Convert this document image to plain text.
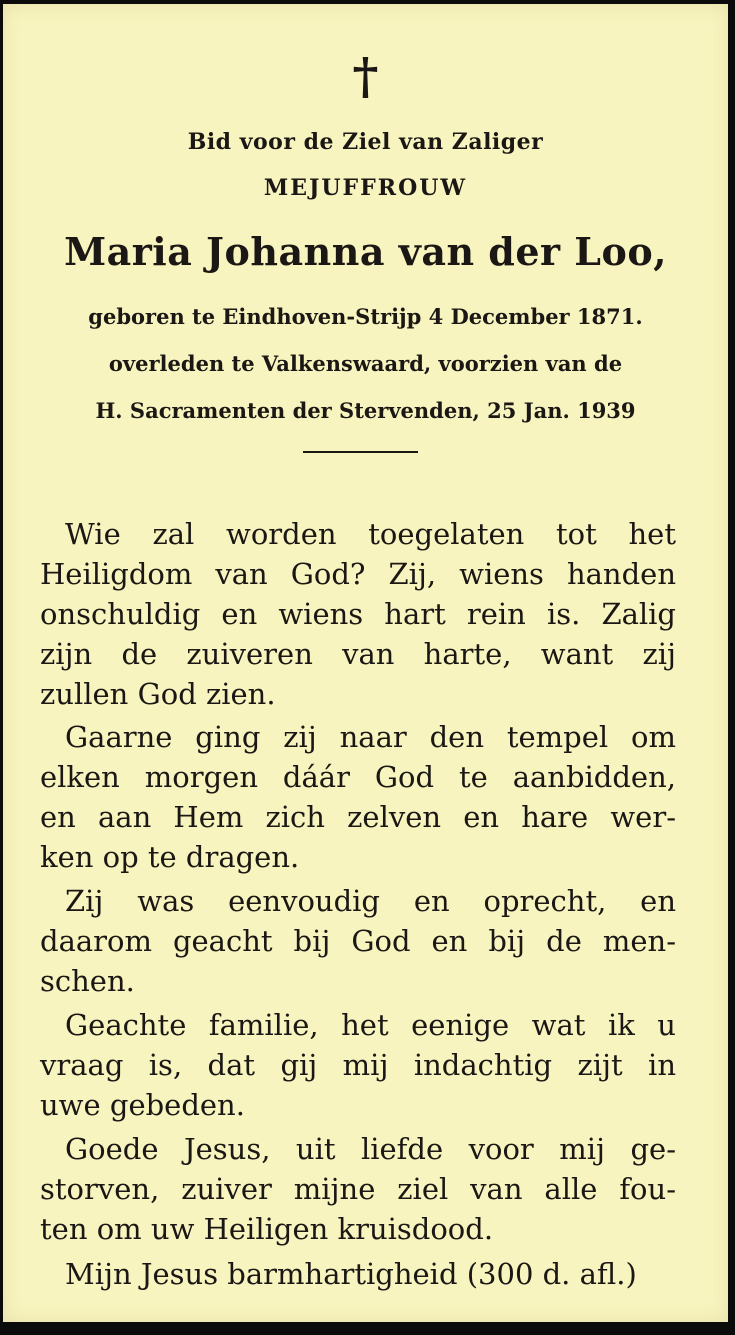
†
Bid voor de Ziel van Zaliger
MEJUFFROUW
Maria Johanna van der Loo,
geboren te Eindhoven-Strijp 4 December 1871.
overleden te Valkenswaard, voorzien van de
H. Sacramenten der Stervenden, 25 Jan. 1939
Wie zal worden toegelaten tot het
Heiligdom van God? Zij, wiens handen
onschuldig en wiens hart rein is. Zalig
zijn de zuiveren van harte, want zij
zullen God zien.
Gaarne ging zij naar den tempel om
elken morgen dáár God te aanbidden,
en aan Hem zich zelven en hare wer-
ken op te dragen.
Zij was eenvoudig en oprecht, en
daarom geacht bij God en bij de men-
schen.
Geachte familie, het eenige wat ik u
vraag is, dat gij mij indachtig zijt in
uwe gebeden.
Goede Jesus, uit liefde voor mij ge-
storven, zuiver mijne ziel van alle fou-
ten om uw Heiligen kruisdood.
Mijn Jesus barmhartigheid (300 d. afl.)
